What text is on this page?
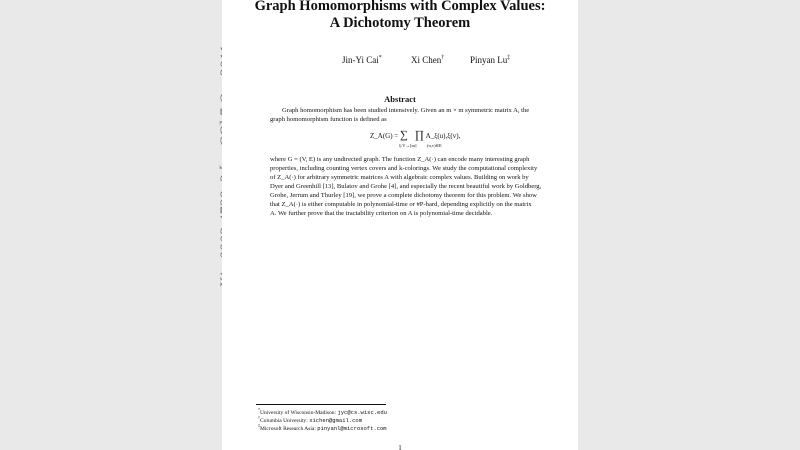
Graph Homomorphisms with Complex Values:
A Dichotomy Theorem
Jin-Yi Cai*	Xi Chen†	Pinyan Lu‡
Abstract
Graph homomorphism has been studied intensively. Given an m × m symmetric matrix A, the
graph homomorphism function is defined as
Z_A(G) = ∑
ξ:V→[m]
∏
(u,v)∈E
A_ξ(u),ξ(v),
where G = (V, E) is any undirected graph. The function Z_A(·) can encode many interesting graph
properties, including counting vertex covers and k-colorings. We study the computational complexity
of Z_A(·) for arbitrary symmetric matrices A with algebraic complex values. Building on work by
Dyer and Greenhill [13], Bulatov and Grohe [4], and especially the recent beautiful work by Goldberg,
Grohe, Jerrum and Thurley [19], we prove a complete dichotomy theorem for this problem. We show
that Z_A(·) is either computable in polynomial-time or #P-hard, depending explicitly on the matrix
A. We further prove that the tractability criterion on A is polynomial-time decidable.
*University of Wisconsin-Madison: jyc@cs.wisc.edu
†Columbia University: xichen@gmail.com
‡Microsoft Research Asia: pinyanl@microsoft.com
1
